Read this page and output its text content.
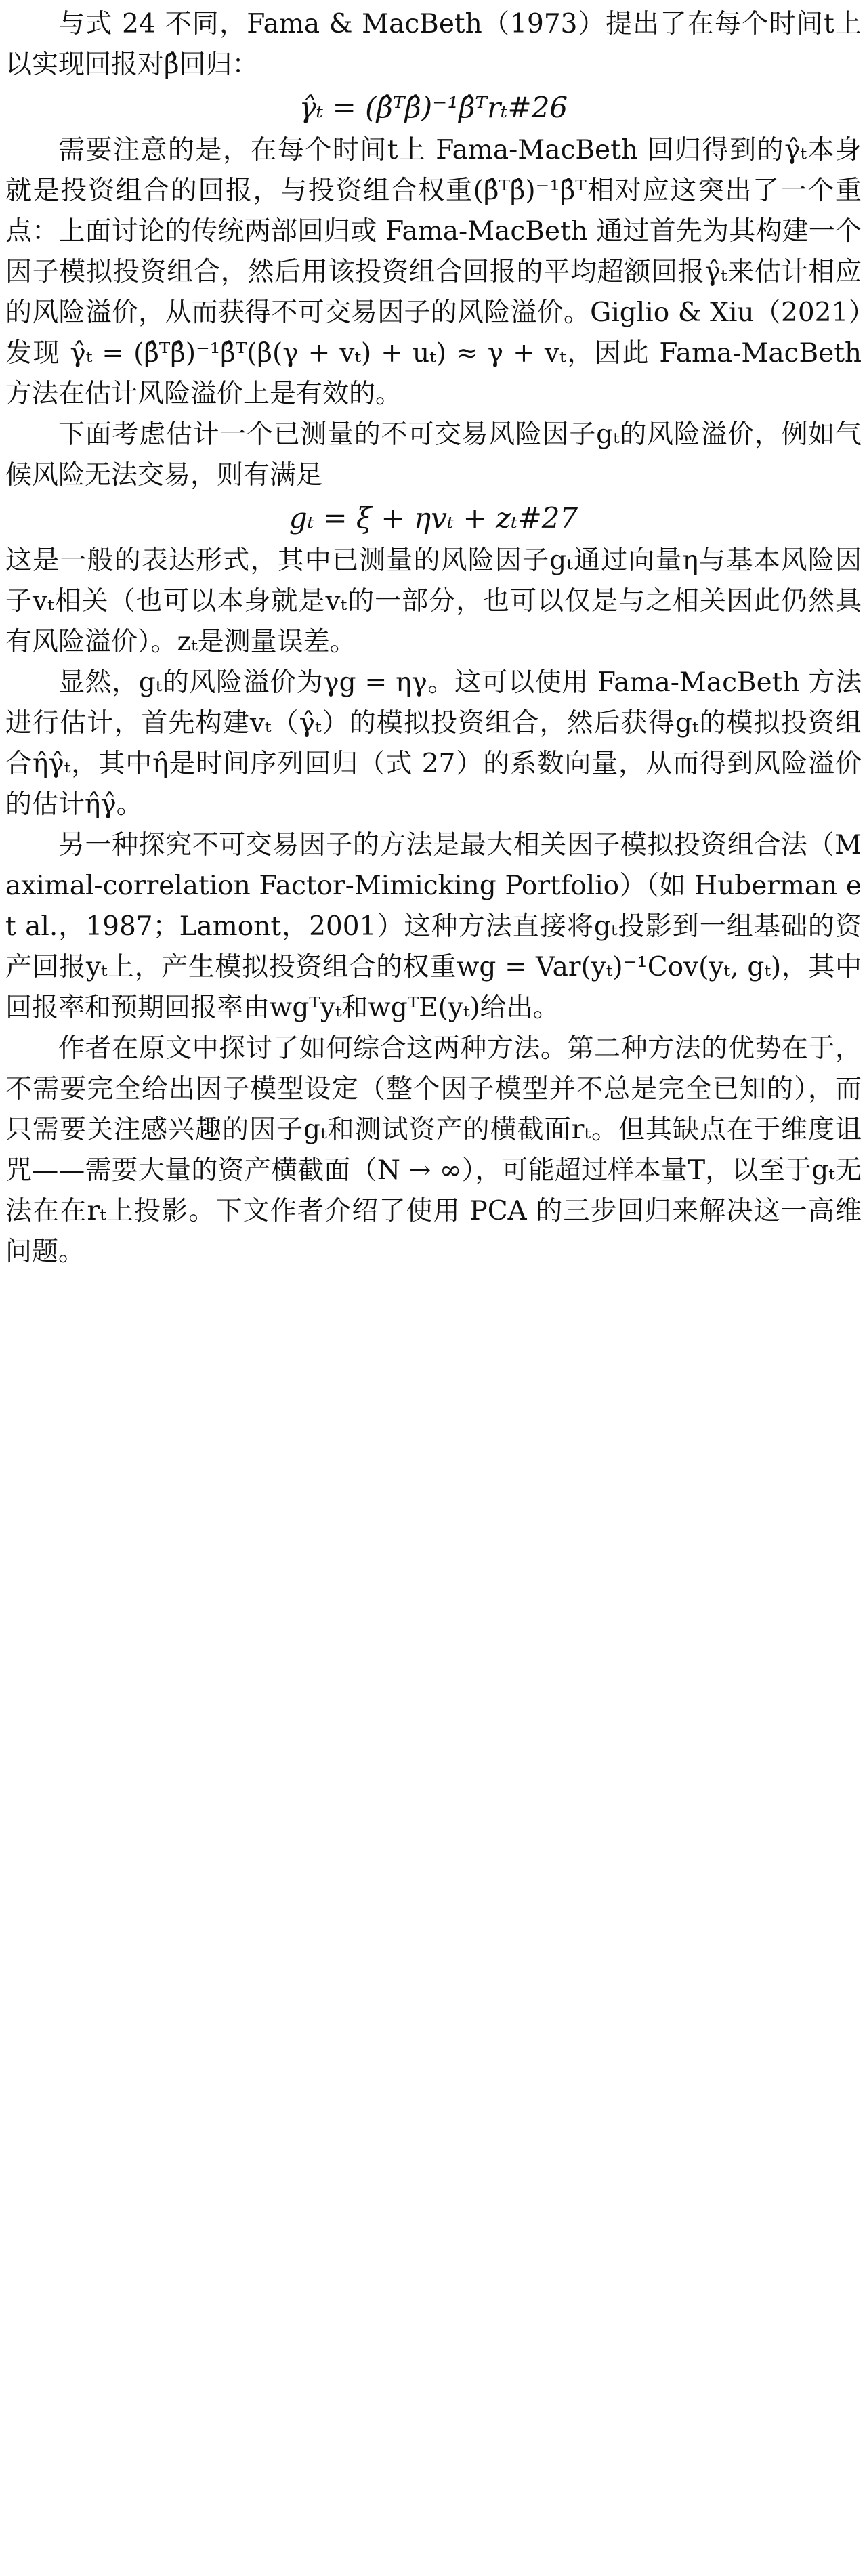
与式 24 不同，Fama & MacBeth（1973）提出了在每个时间t上以实现回报对β̂回归：

γ̂ₜ = (β̂ᵀβ̂)⁻¹β̂ᵀrₜ#26

需要注意的是，在每个时间t上 Fama-MacBeth 回归得到的γ̂ₜ本身就是投资组合的回报，与投资组合权重(β̂ᵀβ̂)⁻¹β̂ᵀ相对应这突出了一个重点：上面讨论的传统两部回归或 Fama-MacBeth 通过首先为其构建一个因子模拟投资组合，然后用该投资组合回报的平均超额回报γ̂ₜ来估计相应的风险溢价，从而获得不可交易因子的风险溢价。Giglio & Xiu（2021）发现 γ̂ₜ = (β̂ᵀβ̂)⁻¹β̂ᵀ(β(γ + vₜ) + uₜ) ≈ γ + vₜ，因此 Fama-MacBeth 方法在估计风险溢价上是有效的。

下面考虑估计一个已测量的不可交易风险因子gₜ的风险溢价，例如气候风险无法交易，则有满足

gₜ = ξ + ηvₜ + zₜ#27

这是一般的表达形式，其中已测量的风险因子gₜ通过向量η与基本风险因子vₜ相关（也可以本身就是vₜ的一部分，也可以仅是与之相关因此仍然具有风险溢价）。zₜ是测量误差。

显然，gₜ的风险溢价为γg = ηγ。这可以使用 Fama-MacBeth 方法进行估计，首先构建vₜ（γ̂ₜ）的模拟投资组合，然后获得gₜ的模拟投资组合η̂γ̂ₜ，其中η̂是时间序列回归（式 27）的系数向量，从而得到风险溢价的估计η̂γ̂。

另一种探究不可交易因子的方法是最大相关因子模拟投资组合法（Maximal-correlation Factor-Mimicking Portfolio）（如 Huberman et al.，1987；Lamont，2001）这种方法直接将gₜ投影到一组基础的资产回报yₜ上，产生模拟投资组合的权重wg = Var(yₜ)⁻¹Cov(yₜ, gₜ)，其中回报率和预期回报率由wgᵀyₜ和wgᵀE(yₜ)给出。

作者在原文中探讨了如何综合这两种方法。第二种方法的优势在于，不需要完全给出因子模型设定（整个因子模型并不总是完全已知的），而只需要关注感兴趣的因子gₜ和测试资产的横截面rₜ。但其缺点在于维度诅咒——需要大量的资产横截面（N → ∞），可能超过样本量T，以至于gₜ无法在在rₜ上投影。下文作者介绍了使用 PCA 的三步回归来解决这一高维问题。
